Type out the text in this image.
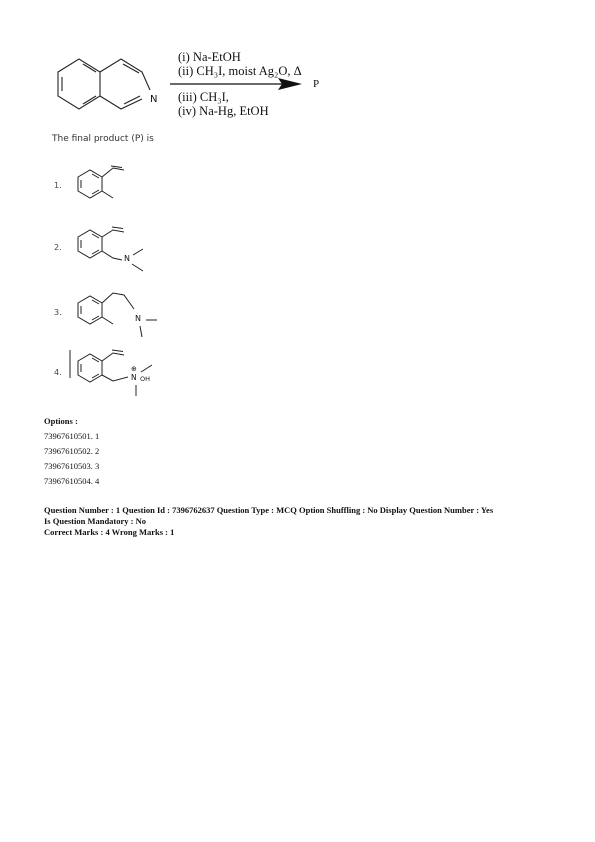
N
(i) Na-EtOH
(ii) CH₃I, moist Ag₂O, Δ
(iii) CH₃I,
(iv) Na-Hg, EtOH
P
The final product (P) is
1.
2.
3.
4.
N
N
⊕
N OH
Options :
73967610501. 1
73967610502. 2
73967610503. 3
73967610504. 4
Question Number : 1 Question Id : 7396762637 Question Type : MCQ Option Shuffling : No Display Question Number : Yes
Is Question Mandatory : No
Correct Marks : 4 Wrong Marks : 1
